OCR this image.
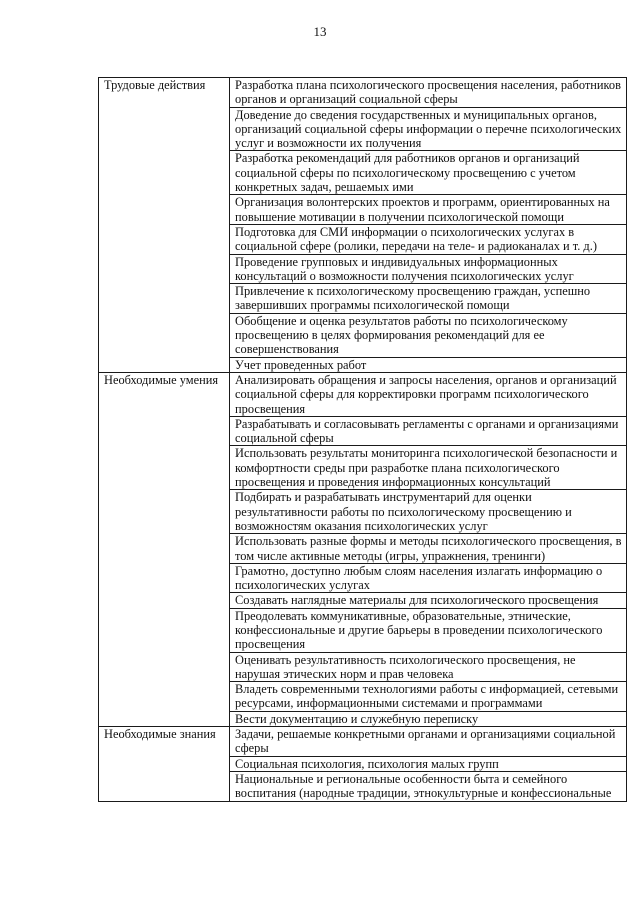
13
Трудовые действия	Разработка плана психологического просвещения населения, работников органов и организаций социальной сферы
	Доведение до сведения государственных и муниципальных органов, организаций социальной сферы информации о перечне психологических услуг и возможности их получения
	Разработка рекомендаций для работников органов и организаций социальной сферы по психологическому просвещению с учетом конкретных задач, решаемых ими
	Организация волонтерских проектов и программ, ориентированных на повышение мотивации в получении психологической помощи
	Подготовка для СМИ информации о психологических услугах в социальной сфере (ролики, передачи на теле- и радиоканалах и т. д.)
	Проведение групповых и индивидуальных информационных консультаций о возможности получения психологических услуг
	Привлечение к психологическому просвещению граждан, успешно завершивших программы психологической помощи
	Обобщение и оценка результатов работы по психологическому просвещению в целях формирования рекомендаций для ее совершенствования
	Учет проведенных работ
Необходимые умения	Анализировать обращения и запросы населения, органов и организаций социальной сферы для корректировки программ психологического просвещения
	Разрабатывать и согласовывать регламенты с органами и организациями социальной сферы
	Использовать результаты мониторинга психологической безопасности и комфортности среды при разработке плана психологического просвещения и проведения информационных консультаций
	Подбирать и разрабатывать инструментарий для оценки результативности работы по психологическому просвещению и возможностям оказания психологических услуг
	Использовать разные формы и методы психологического просвещения, в том числе активные методы (игры, упражнения, тренинги)
	Грамотно, доступно любым слоям населения излагать информацию о психологических услугах
	Создавать наглядные материалы для психологического просвещения
	Преодолевать коммуникативные, образовательные, этнические, конфессиональные и другие барьеры в проведении психологического просвещения
	Оценивать результативность психологического просвещения, не нарушая этических норм и прав человека
	Владеть современными технологиями работы с информацией, сетевыми ресурсами, информационными системами и программами
	Вести документацию и служебную переписку
Необходимые знания	Задачи, решаемые конкретными органами и организациями социальной сферы
	Социальная психология, психология малых групп
	Национальные и региональные особенности быта и семейного воспитания (народные традиции, этнокультурные и конфессиональные
